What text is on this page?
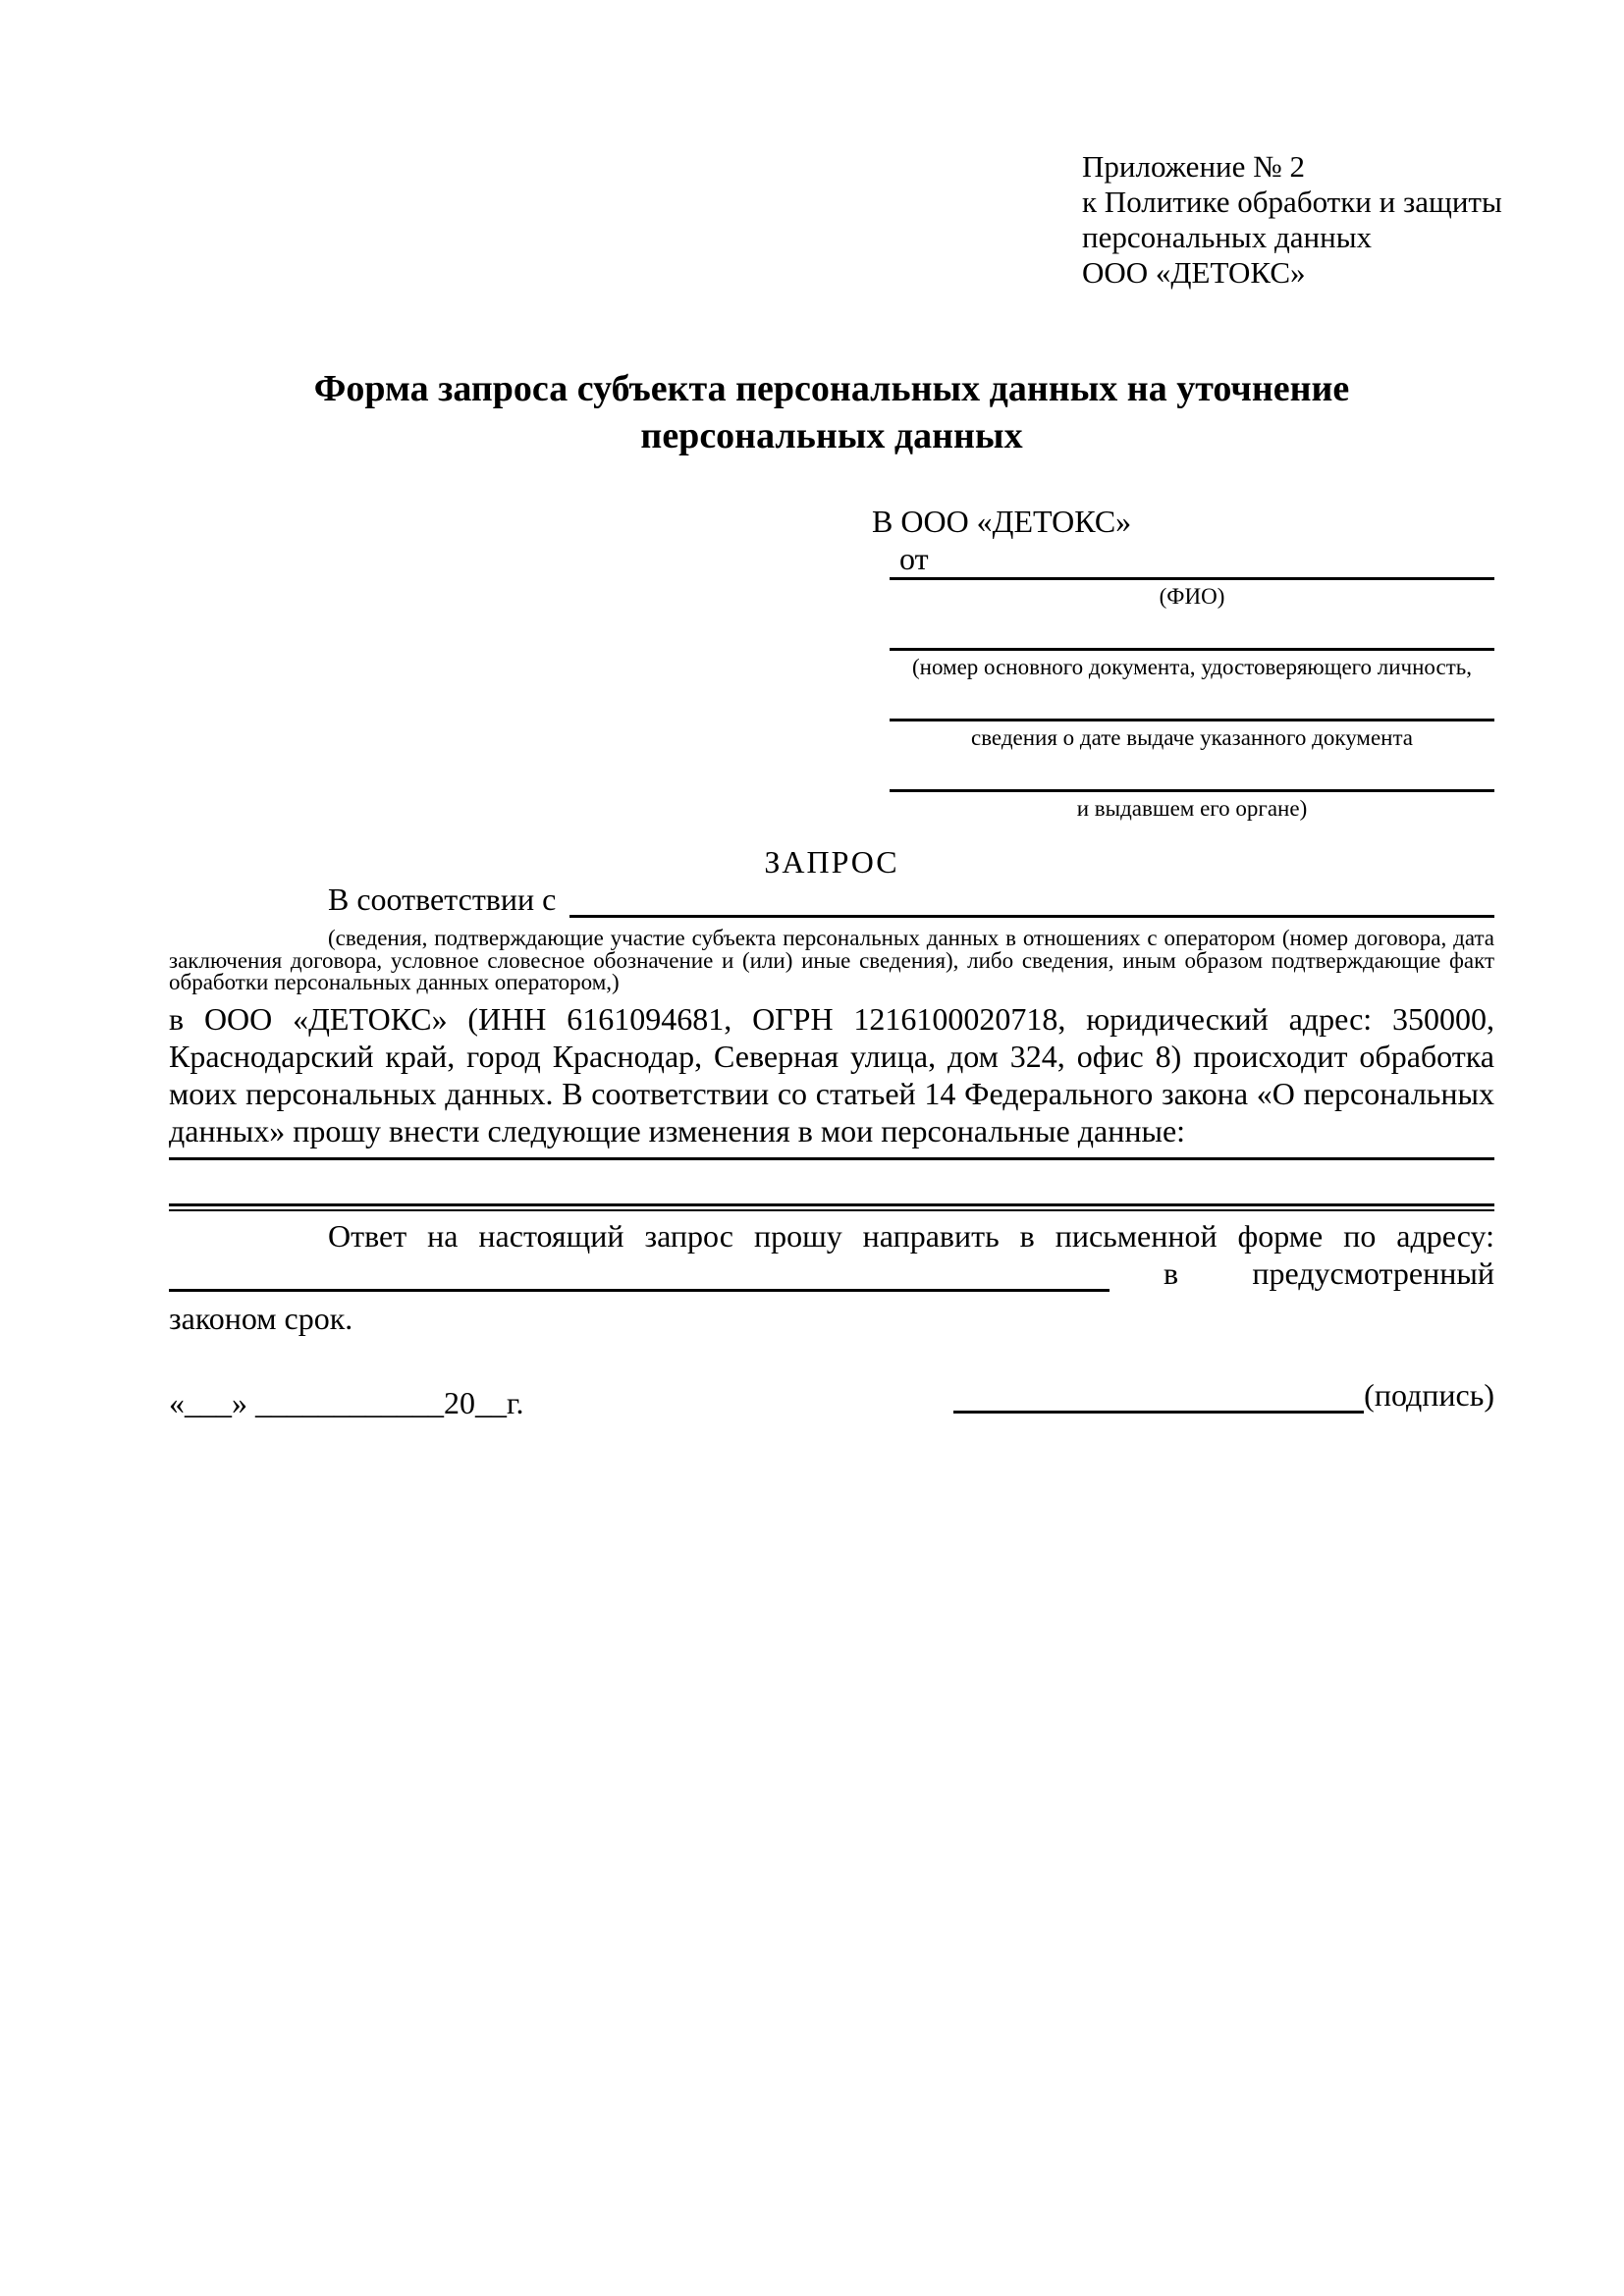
Приложение № 2
к Политике обработки и защиты
персональных данных
ООО «ДЕТОКС»
Форма запроса субъекта персональных данных на уточнение персональных данных
В ООО «ДЕТОКС»
от
(ФИО)
(номер основного документа, удостоверяющего личность,
сведения о дате выдаче указанного документа
и выдавшем его органе)
ЗАПРОС
В соответствии с
(сведения, подтверждающие участие субъекта персональных данных в отношениях с оператором (номер договора, дата заключения договора, условное словесное обозначение и (или) иные сведения), либо сведения, иным образом подтверждающие факт обработки персональных данных оператором,)
в ООО «ДЕТОКС» (ИНН 6161094681, ОГРН 1216100020718, юридический адрес: 350000, Краснодарский край, город Краснодар, Северная улица, дом 324, офис 8) происходит обработка моих персональных данных. В соответствии со статьей 14 Федерального закона «О персональных данных» прошу внести следующие изменения в мои персональные данные:
Ответ на настоящий запрос прошу направить в письменной форме по адресу:
в предусмотренный
законом срок.
«___» ____________20__г.	(подпись)
